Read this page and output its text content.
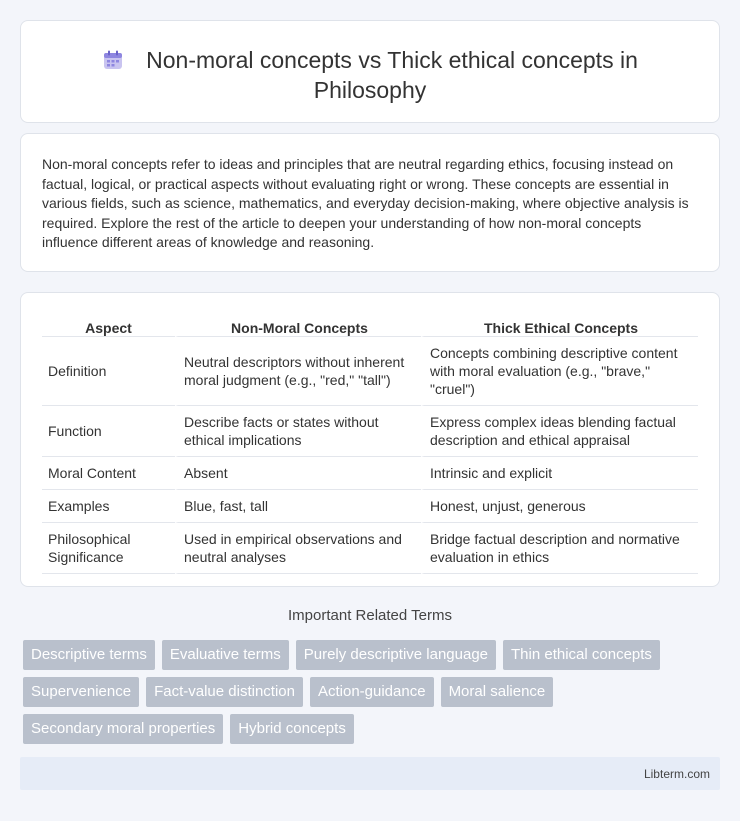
Non-moral concepts vs Thick ethical concepts in Philosophy

Non-moral concepts refer to ideas and principles that are neutral regarding ethics, focusing instead on factual, logical, or practical aspects without evaluating right or wrong. These concepts are essential in various fields, such as science, mathematics, and everyday decision-making, where objective analysis is required. Explore the rest of the article to deepen your understanding of how non-moral concepts influence different areas of knowledge and reasoning.

Aspect	Non-Moral Concepts	Thick Ethical Concepts
Definition	Neutral descriptors without inherent moral judgment (e.g., "red," "tall")	Concepts combining descriptive content with moral evaluation (e.g., "brave," "cruel")
Function	Describe facts or states without ethical implications	Express complex ideas blending factual description and ethical appraisal
Moral Content	Absent	Intrinsic and explicit
Examples	Blue, fast, tall	Honest, unjust, generous
Philosophical Significance	Used in empirical observations and neutral analyses	Bridge factual description and normative evaluation in ethics
Important Related Terms
Descriptive terms	Evaluative terms	Purely descriptive language	Thin ethical concepts
Supervenience	Fact-value distinction	Action-guidance	Moral salience
Secondary moral properties	Hybrid concepts
Libterm.com
